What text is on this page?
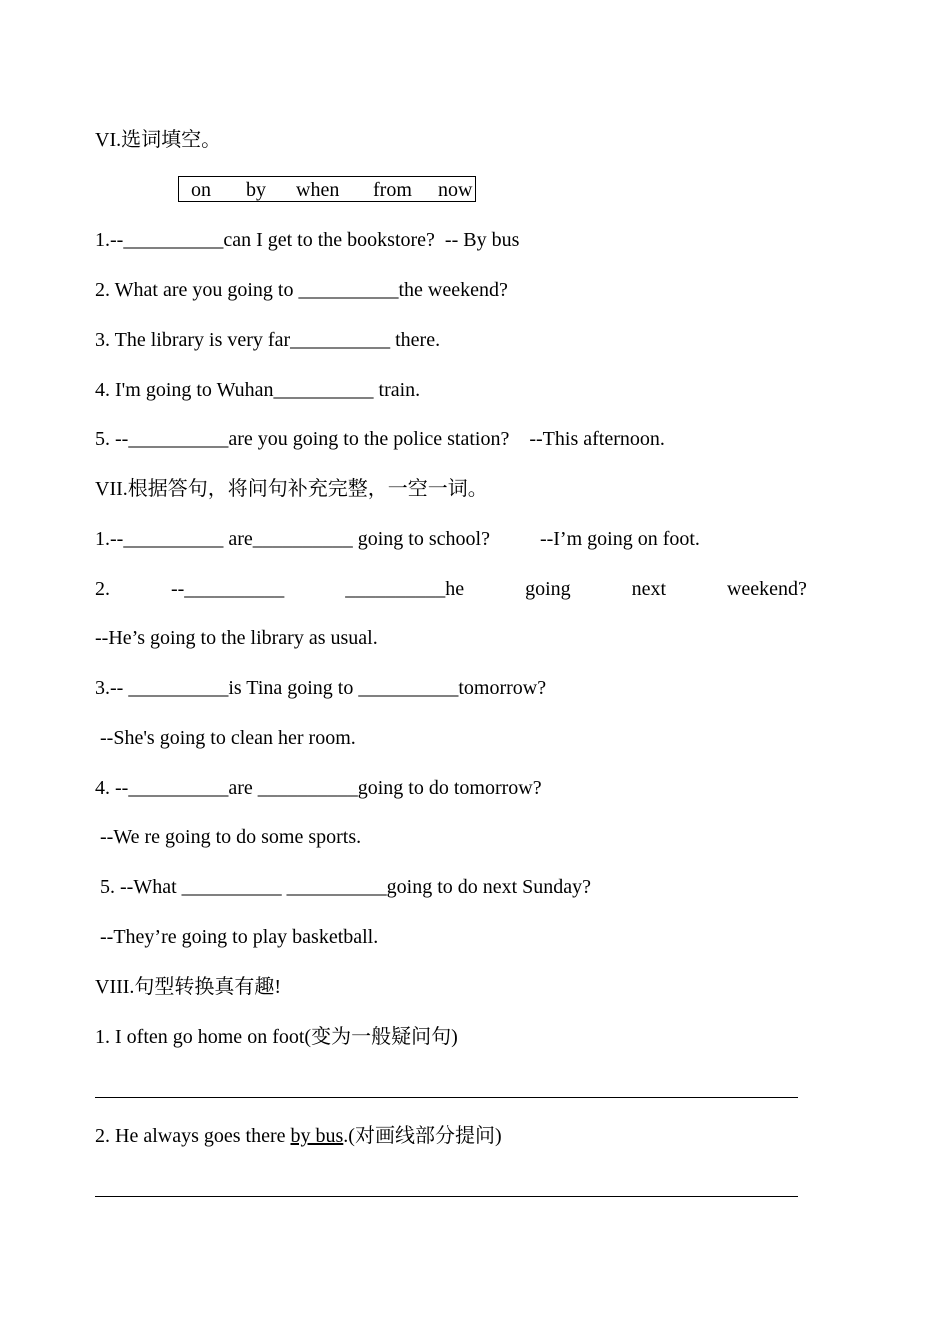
VI.选词填空。
on by when from now
1.--__________can I get to the bookstore?  -- By bus
2. What are you going to __________the weekend?
3. The library is very far__________ there.
4. I'm going to Wuhan__________ train.
5. --__________are you going to the police station?    --This afternoon.
VII.根据答句，将问句补充完整，一空一词。
1.--__________ are__________ going to school?          --I’m going on foot.
2.	--__________	__________he	going	next	weekend?
--He’s going to the library as usual.
3.-- __________is Tina going to __________tomorrow?
--She's going to clean her room.
4. --__________are __________going to do tomorrow?
--We re going to do some sports.
5. --What __________ __________going to do next Sunday?
--They’re going to play basketball.
VIII.句型转换真有趣!
1. I often go home on foot(变为一般疑问句)
2. He always goes there by bus.(对画线部分提问)
